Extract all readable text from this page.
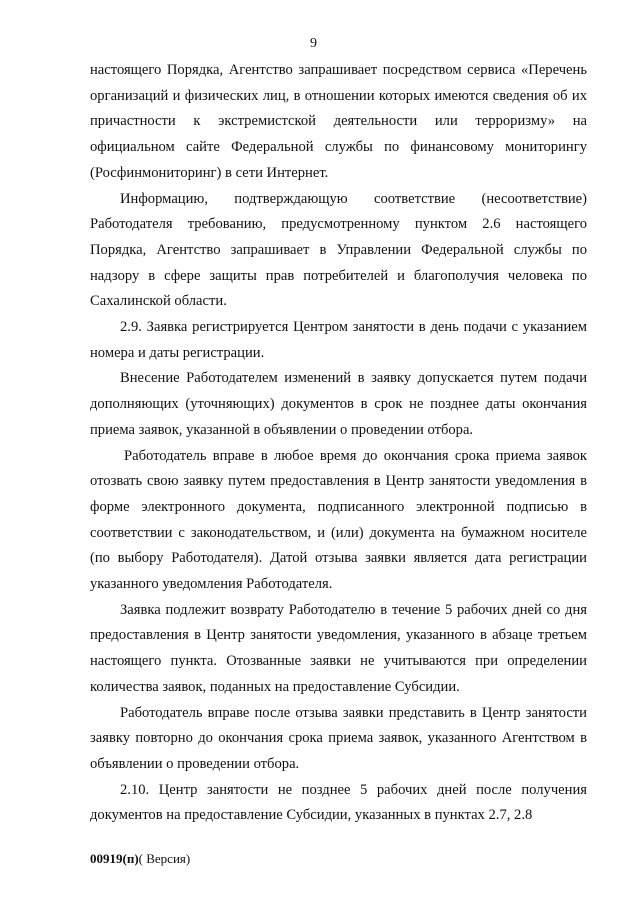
9

настоящего Порядка, Агентство запрашивает посредством сервиса «Перечень организаций и физических лиц, в отношении которых имеются сведения об их причастности к экстремистской деятельности или терроризму» на официальном сайте Федеральной службы по финансовому мониторингу (Росфинмониторинг) в сети Интернет.

Информацию, подтверждающую соответствие (несоответствие) Работодателя требованию, предусмотренному пунктом 2.6 настоящего Порядка, Агентство запрашивает в Управлении Федеральной службы по надзору в сфере защиты прав потребителей и благополучия человека по Сахалинской области.

2.9. Заявка регистрируется Центром занятости в день подачи с указанием номера и даты регистрации.

Внесение Работодателем изменений в заявку допускается путем подачи дополняющих (уточняющих) документов в срок не позднее даты окончания приема заявок, указанной в объявлении о проведении отбора.

Работодатель вправе в любое время до окончания срока приема заявок отозвать свою заявку путем предоставления в Центр занятости уведомления в форме электронного документа, подписанного электронной подписью в соответствии с законодательством, и (или) документа на бумажном носителе (по выбору Работодателя). Датой отзыва заявки является дата регистрации указанного уведомления Работодателя.

Заявка подлежит возврату Работодателю в течение 5 рабочих дней со дня предоставления в Центр занятости уведомления, указанного в абзаце третьем настоящего пункта. Отозванные заявки не учитываются при определении количества заявок, поданных на предоставление Субсидии.

Работодатель вправе после отзыва заявки представить в Центр занятости заявку повторно до окончания срока приема заявок, указанного Агентством в объявлении о проведении отбора.

2.10. Центр занятости не позднее 5 рабочих дней после получения документов на предоставление Субсидии, указанных в пунктах 2.7, 2.8

00919(п)( Версия)
